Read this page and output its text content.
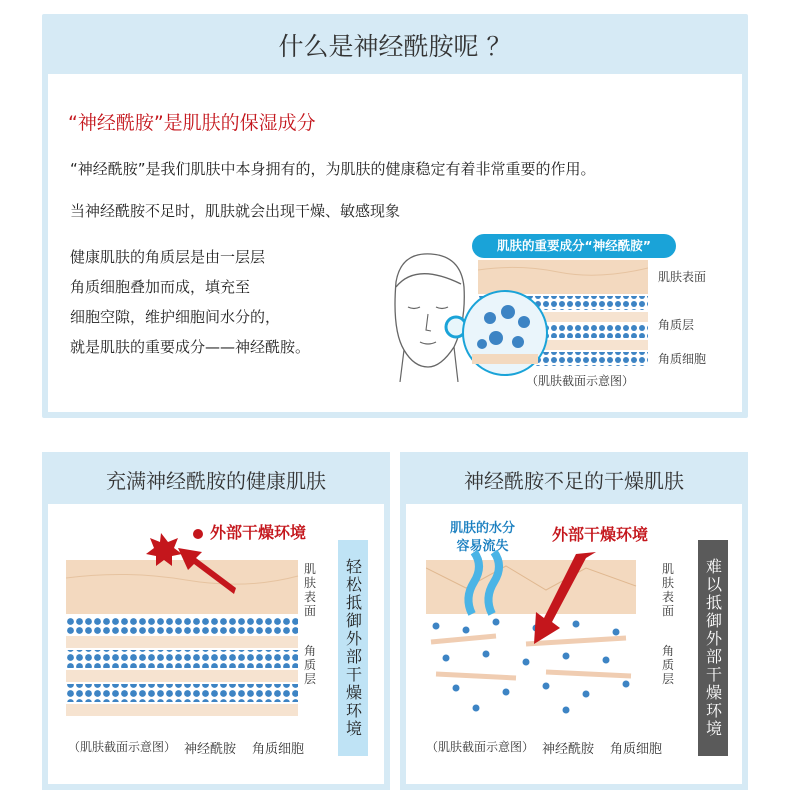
什么是神经酰胺呢 ？
“神经酰胺”是肌肤的保湿成分
“神经酰胺”是我们肌肤中本身拥有的，为肌肤的健康稳定有着非常重要的作用。
当神经酰胺不足时，肌肤就会出现干燥、敏感现象
健康肌肤的角质层是由一层层
角质细胞叠加而成，填充至
细胞空隙，维护细胞间水分的，
就是肌肤的重要成分——神经酰胺。
肌肤的重要成分“神经酰胺”
肌肤表面
角质层
角质细胞
（肌肤截面示意图）
充满神经酰胺的健康肌肤
外部干燥环境
肌肤表面
角质层	轻松抵御外部干燥环境
（肌肤截面示意图） 神经酰胺 角质细胞
神经酰胺不足的干燥肌肤
肌肤的水分
容易流失
外部干燥环境
肌肤表面
角质层	难以抵御外部干燥环境
（肌肤截面示意图） 神经酰胺 角质细胞
